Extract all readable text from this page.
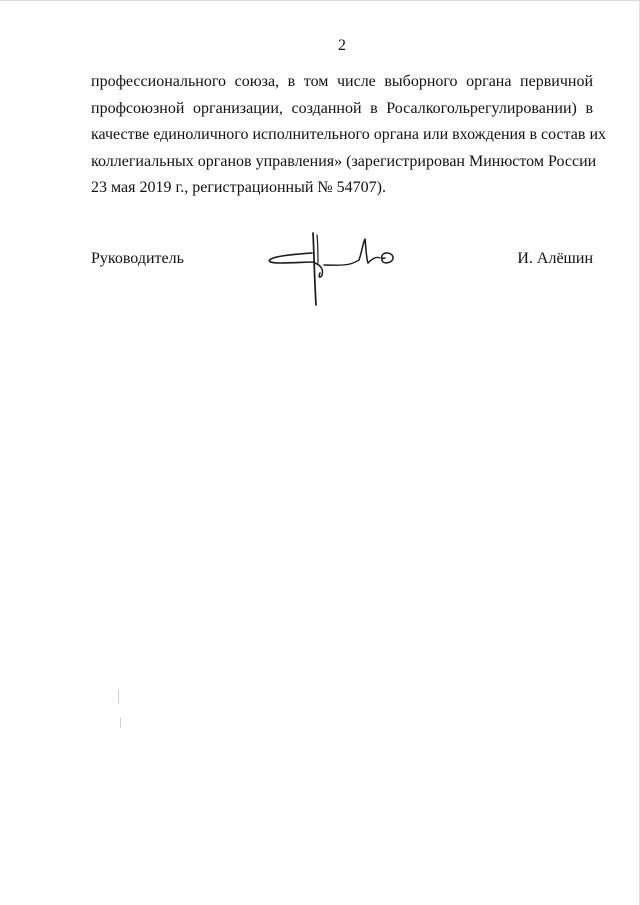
2
профессионального союза, в том числе выборного органа первичной
профсоюзной организации, созданной в Росалкогольрегулировании) в
качестве единоличного исполнительного органа или вхождения в состав их
коллегиальных органов управления» (зарегистрирован Минюстом России
23 мая 2019 г., регистрационный № 54707).
Руководитель	И. Алёшин
